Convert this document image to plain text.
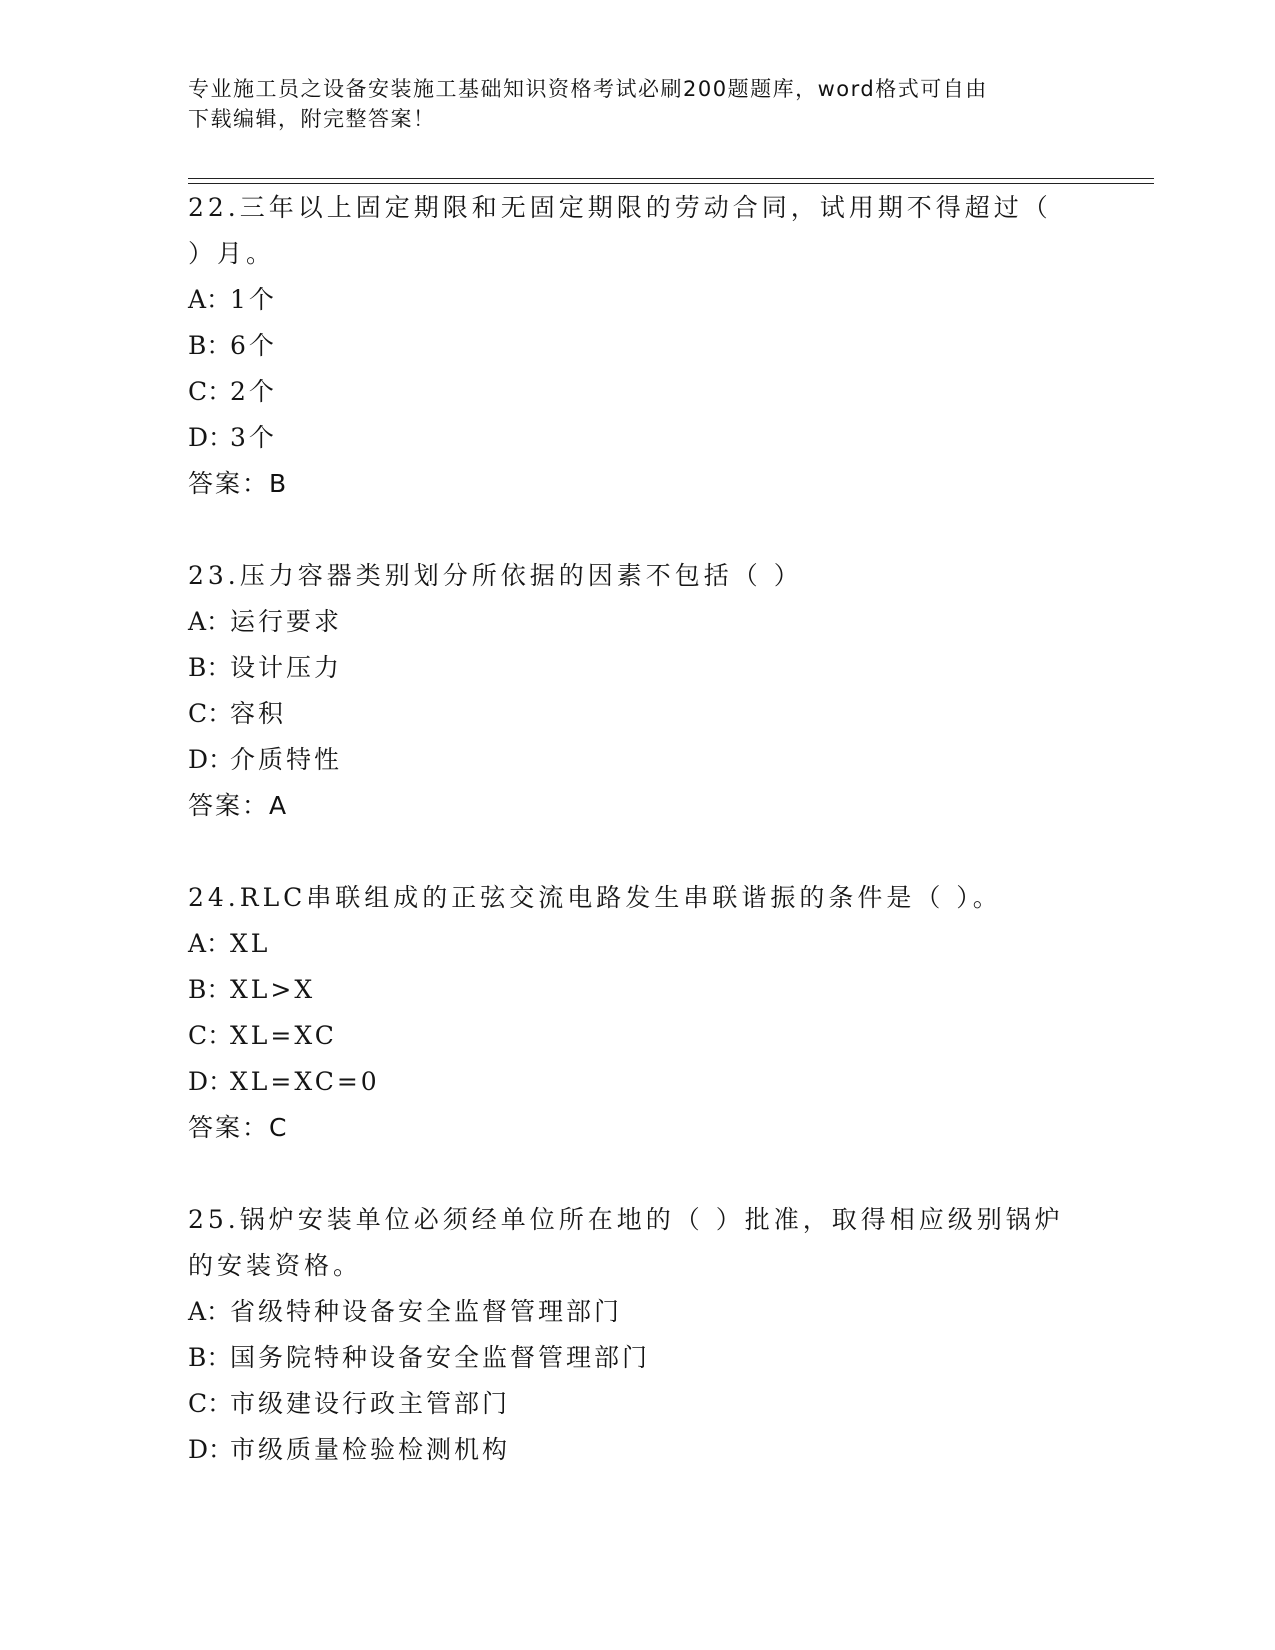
专业施工员之设备安装施工基础知识资格考试必刷200题题库，word格式可自由
下载编辑，附完整答案！
22.三年以上固定期限和无固定期限的劳动合同，试用期不得超过（
）月。
A：1个
B：6个
C：2个
D：3个
答案：B
23.压力容器类别划分所依据的因素不包括（ ）
A：运行要求
B：设计压力
C：容积
D：介质特性
答案：A
24.RLC串联组成的正弦交流电路发生串联谐振的条件是（ ）。
A：XL
B：XL>X
C：XL=XC
D：XL=XC=0
答案：C
25.锅炉安装单位必须经单位所在地的（ ）批准，取得相应级别锅炉
的安装资格。
A：省级特种设备安全监督管理部门
B：国务院特种设备安全监督管理部门
C：市级建设行政主管部门
D：市级质量检验检测机构
